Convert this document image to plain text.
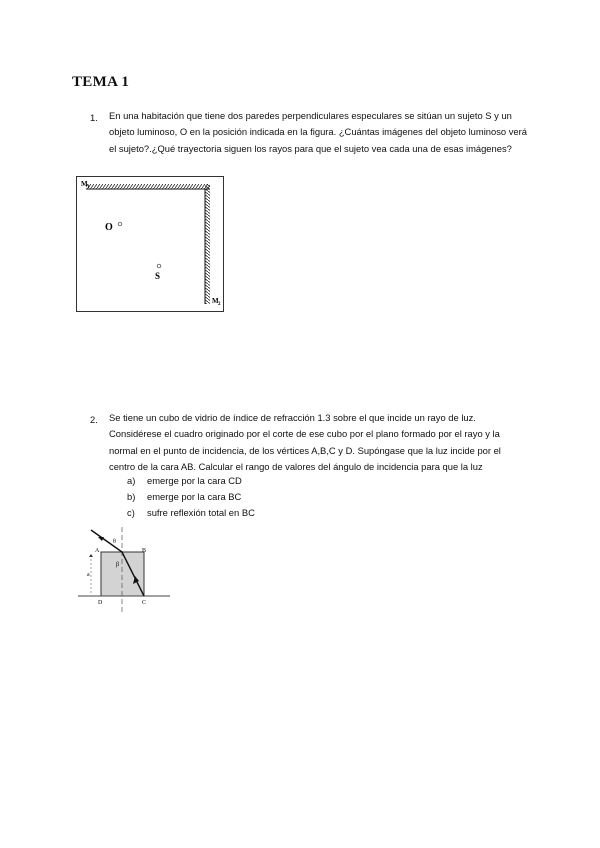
TEMA 1
1. En una habitación que tiene dos paredes perpendiculares especulares se sitúan un sujeto S y un objeto luminoso, O en la posición indicada en la figura. ¿Cuántas imágenes del objeto luminoso verá el sujeto?.¿Qué trayectoria siguen los rayos para que el sujeto vea cada una de esas imágenes?
M 1
M 2
O
S
2. Se tiene un cubo de vidrio de índice de refracción 1.3 sobre el que incide un rayo de luz. Considérese el cuadro originado por el corte de ese cubo por el plano formado por el rayo y la normal en el punto de incidencia, de los vértices A,B,C y D. Supóngase que la luz incide por el centro de la cara AB. Calcular el rango de valores del ángulo de incidencia para que la luz
a) emerge por la cara CD
b) emerge por la cara BC
c) sufre reflexión total en BC
A	B
C
D
a
θ
β
